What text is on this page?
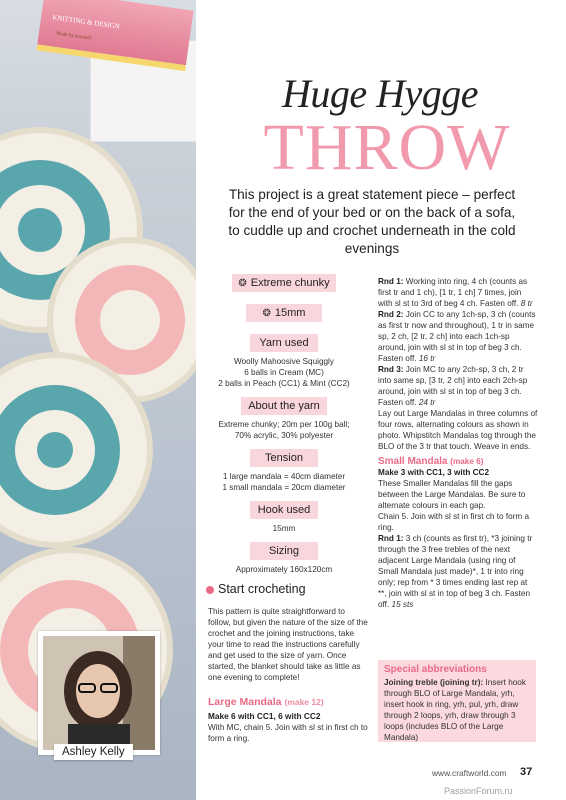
KNITTING & DESIGN
Made by yourself
Ashley Kelly
Huge Hygge
THROW
This project is a great statement piece – perfect for the end of your bed or on the back of a sofa, to cuddle up and crochet underneath in the cold evenings
❂ Extreme chunky
❂ 15mm
Yarn used
Woolly Mahoosive Squiggly
6 balls in Cream (MC)
2 balls in Peach (CC1) & Mint (CC2)
About the yarn
Extreme chunky; 20m per 100g ball;
70% acrylic, 30% polyester
Tension
1 large mandala = 40cm diameter
1 small mandala = 20cm diameter
Hook used
15mm
Sizing
Approximately 160x120cm
Start crocheting
This pattern is quite straightforward to follow, but given the nature of the size of the crochet and the joining instructions, take your time to read the instructions carefully and get used to the size of yarn. Once started, the blanket should take as little as one evening to complete!
Large Mandala (make 12)
Make 6 with CC1, 6 with CC2
With MC, chain 5. Join with sl st in first ch to form a ring.

Rnd 1: Working into ring, 4 ch (counts as first tr and 1 ch), [1 tr, 1 ch] 7 times, join with sl st to 3rd of beg 4 ch. Fasten off. 8 tr

Rnd 2: Join CC to any 1ch-sp, 3 ch (counts as first tr now and throughout), 1 tr in same sp, 2 ch, [2 tr, 2 ch] into each 1ch-sp around, join with sl st in top of beg 3 ch. Fasten off. 16 tr

Rnd 3: Join MC to any 2ch-sp, 3 ch, 2 tr into same sp, [3 tr, 2 ch] into each 2ch-sp around, join with sl st in top of beg 3 ch. Fasten off. 24 tr

Lay out Large Mandalas in three columns of four rows, alternating colours as shown in photo. Whipstitch Mandalas tog through the BLO of the 3 tr that touch. Weave in ends.

Small Mandala (make 6)

Make 3 with CC1, 3 with CC2

These Smaller Mandalas fill the gaps between the Large Mandalas. Be sure to alternate colours in each gap.

Chain 5. Join with sl st in first ch to form a ring.

Rnd 1: 3 ch (counts as first tr), *3 joining tr through the 3 free trebles of the next adjacent Large Mandala (using ring of Small Mandala just made)*, 1 tr into ring only; rep from * 3 times ending last rep at **, join with sl st in top of beg 3 ch. Fasten off. 15 sts

Special abbreviations
Joining treble (joining tr): Insert hook through BLO of Large Mandala, yrh, insert hook in ring, yrh, pul, yrh, draw through 2 loops, yrh, draw through 3 loops (includes BLO of the Large Mandala)
www.craftworld.com 37
PassionForum.ru
